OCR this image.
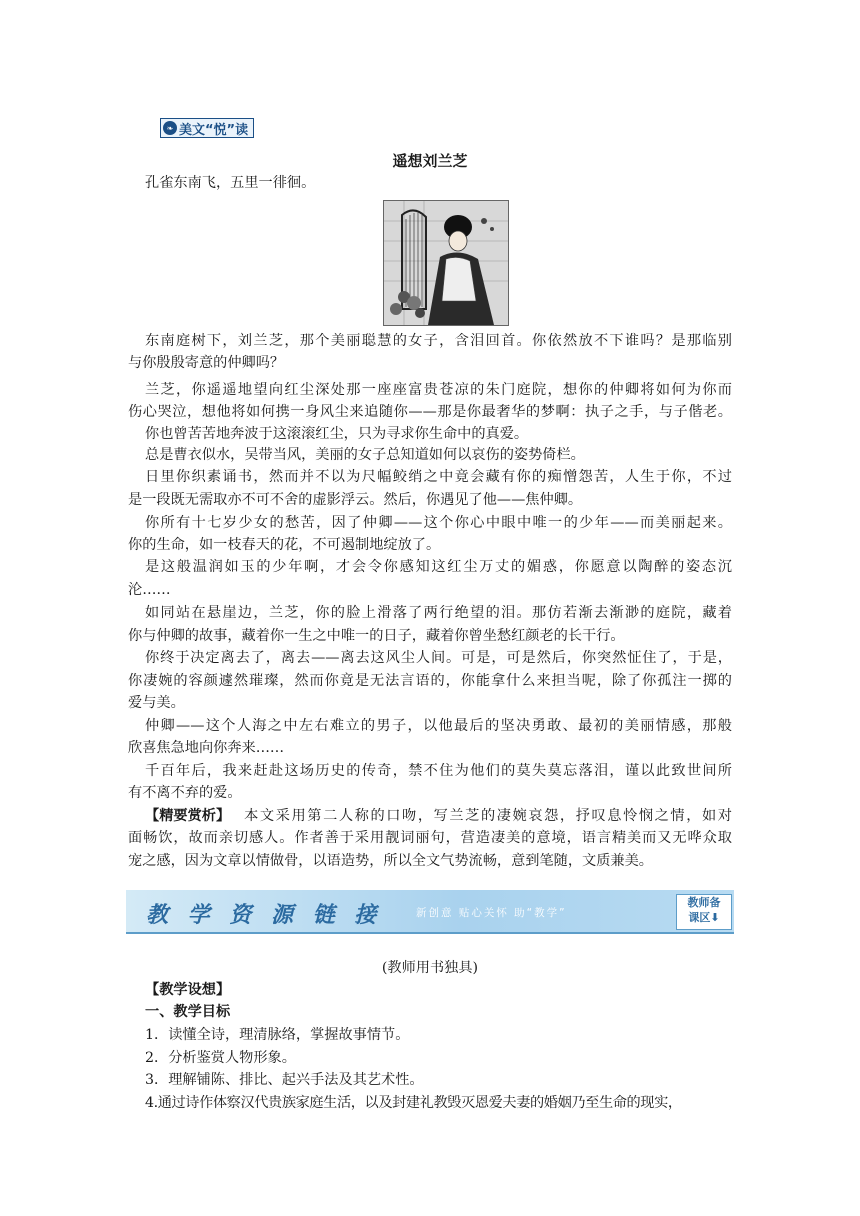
❧ 美文“悦”读
遥想刘兰芝
孔雀东南飞，五里一徘徊。
东南庭树下，刘兰芝，那个美丽聪慧的女子，含泪回首。你依然放不下谁吗？是那临别
与你殷殷寄意的仲卿吗？
兰芝，你遥遥地望向红尘深处那一座座富贵苍凉的朱门庭院，想你的仲卿将如何为你而
伤心哭泣，想他将如何携一身风尘来追随你——那是你最奢华的梦啊：执子之手，与子偕老。
你也曾苦苦地奔波于这滚滚红尘，只为寻求你生命中的真爱。
总是曹衣似水，吴带当风，美丽的女子总知道如何以哀伤的姿势倚栏。
日里你织素诵书，然而并不以为尺幅鲛绡之中竟会藏有你的痴憎怨苦，人生于你，不过
是一段既无需取亦不可不舍的虚影浮云。然后，你遇见了他——焦仲卿。
你所有十七岁少女的愁苦，因了仲卿——这个你心中眼中唯一的少年——而美丽起来。
你的生命，如一枝春天的花，不可遏制地绽放了。
是这般温润如玉的少年啊，才会令你感知这红尘万丈的媚惑，你愿意以陶醉的姿态沉
沦……
如同站在悬崖边，兰芝，你的脸上滑落了两行绝望的泪。那仿若渐去渐渺的庭院，藏着
你与仲卿的故事，藏着你一生之中唯一的日子，藏着你曾坐愁红颜老的长干行。
你终于决定离去了，离去——离去这风尘人间。可是，可是然后，你突然怔住了，于是，
你凄婉的容颜遽然璀璨，然而你竟是无法言语的，你能拿什么来担当呢，除了你孤注一掷的
爱与美。
仲卿——这个人海之中左右难立的男子，以他最后的坚决勇敢、最初的美丽情感，那般
欣喜焦急地向你奔来……
千百年后，我来赶赴这场历史的传奇，禁不住为他们的莫失莫忘落泪，谨以此致世间所
有不离不弃的爱。
【精要赏析】 本文采用第二人称的口吻，写兰芝的凄婉哀怨，抒叹息怜悯之情，如对
面畅饮，故而亲切感人。作者善于采用靓词丽句，营造凄美的意境，语言精美而又无哗众取
宠之感，因为文章以情做骨，以语造势，所以全文气势流畅，意到笔随，文质兼美。
教 学 资 源 链 接	新创意 贴心关怀 助“教学”
教师备
课区⬇
(教师用书独具)
【教学设想】
一、教学目标
1．读懂全诗，理清脉络，掌握故事情节。
2．分析鉴赏人物形象。
3．理解铺陈、排比、起兴手法及其艺术性。
4.通过诗作体察汉代贵族家庭生活，以及封建礼教毁灭恩爱夫妻的婚姻乃至生命的现实，
